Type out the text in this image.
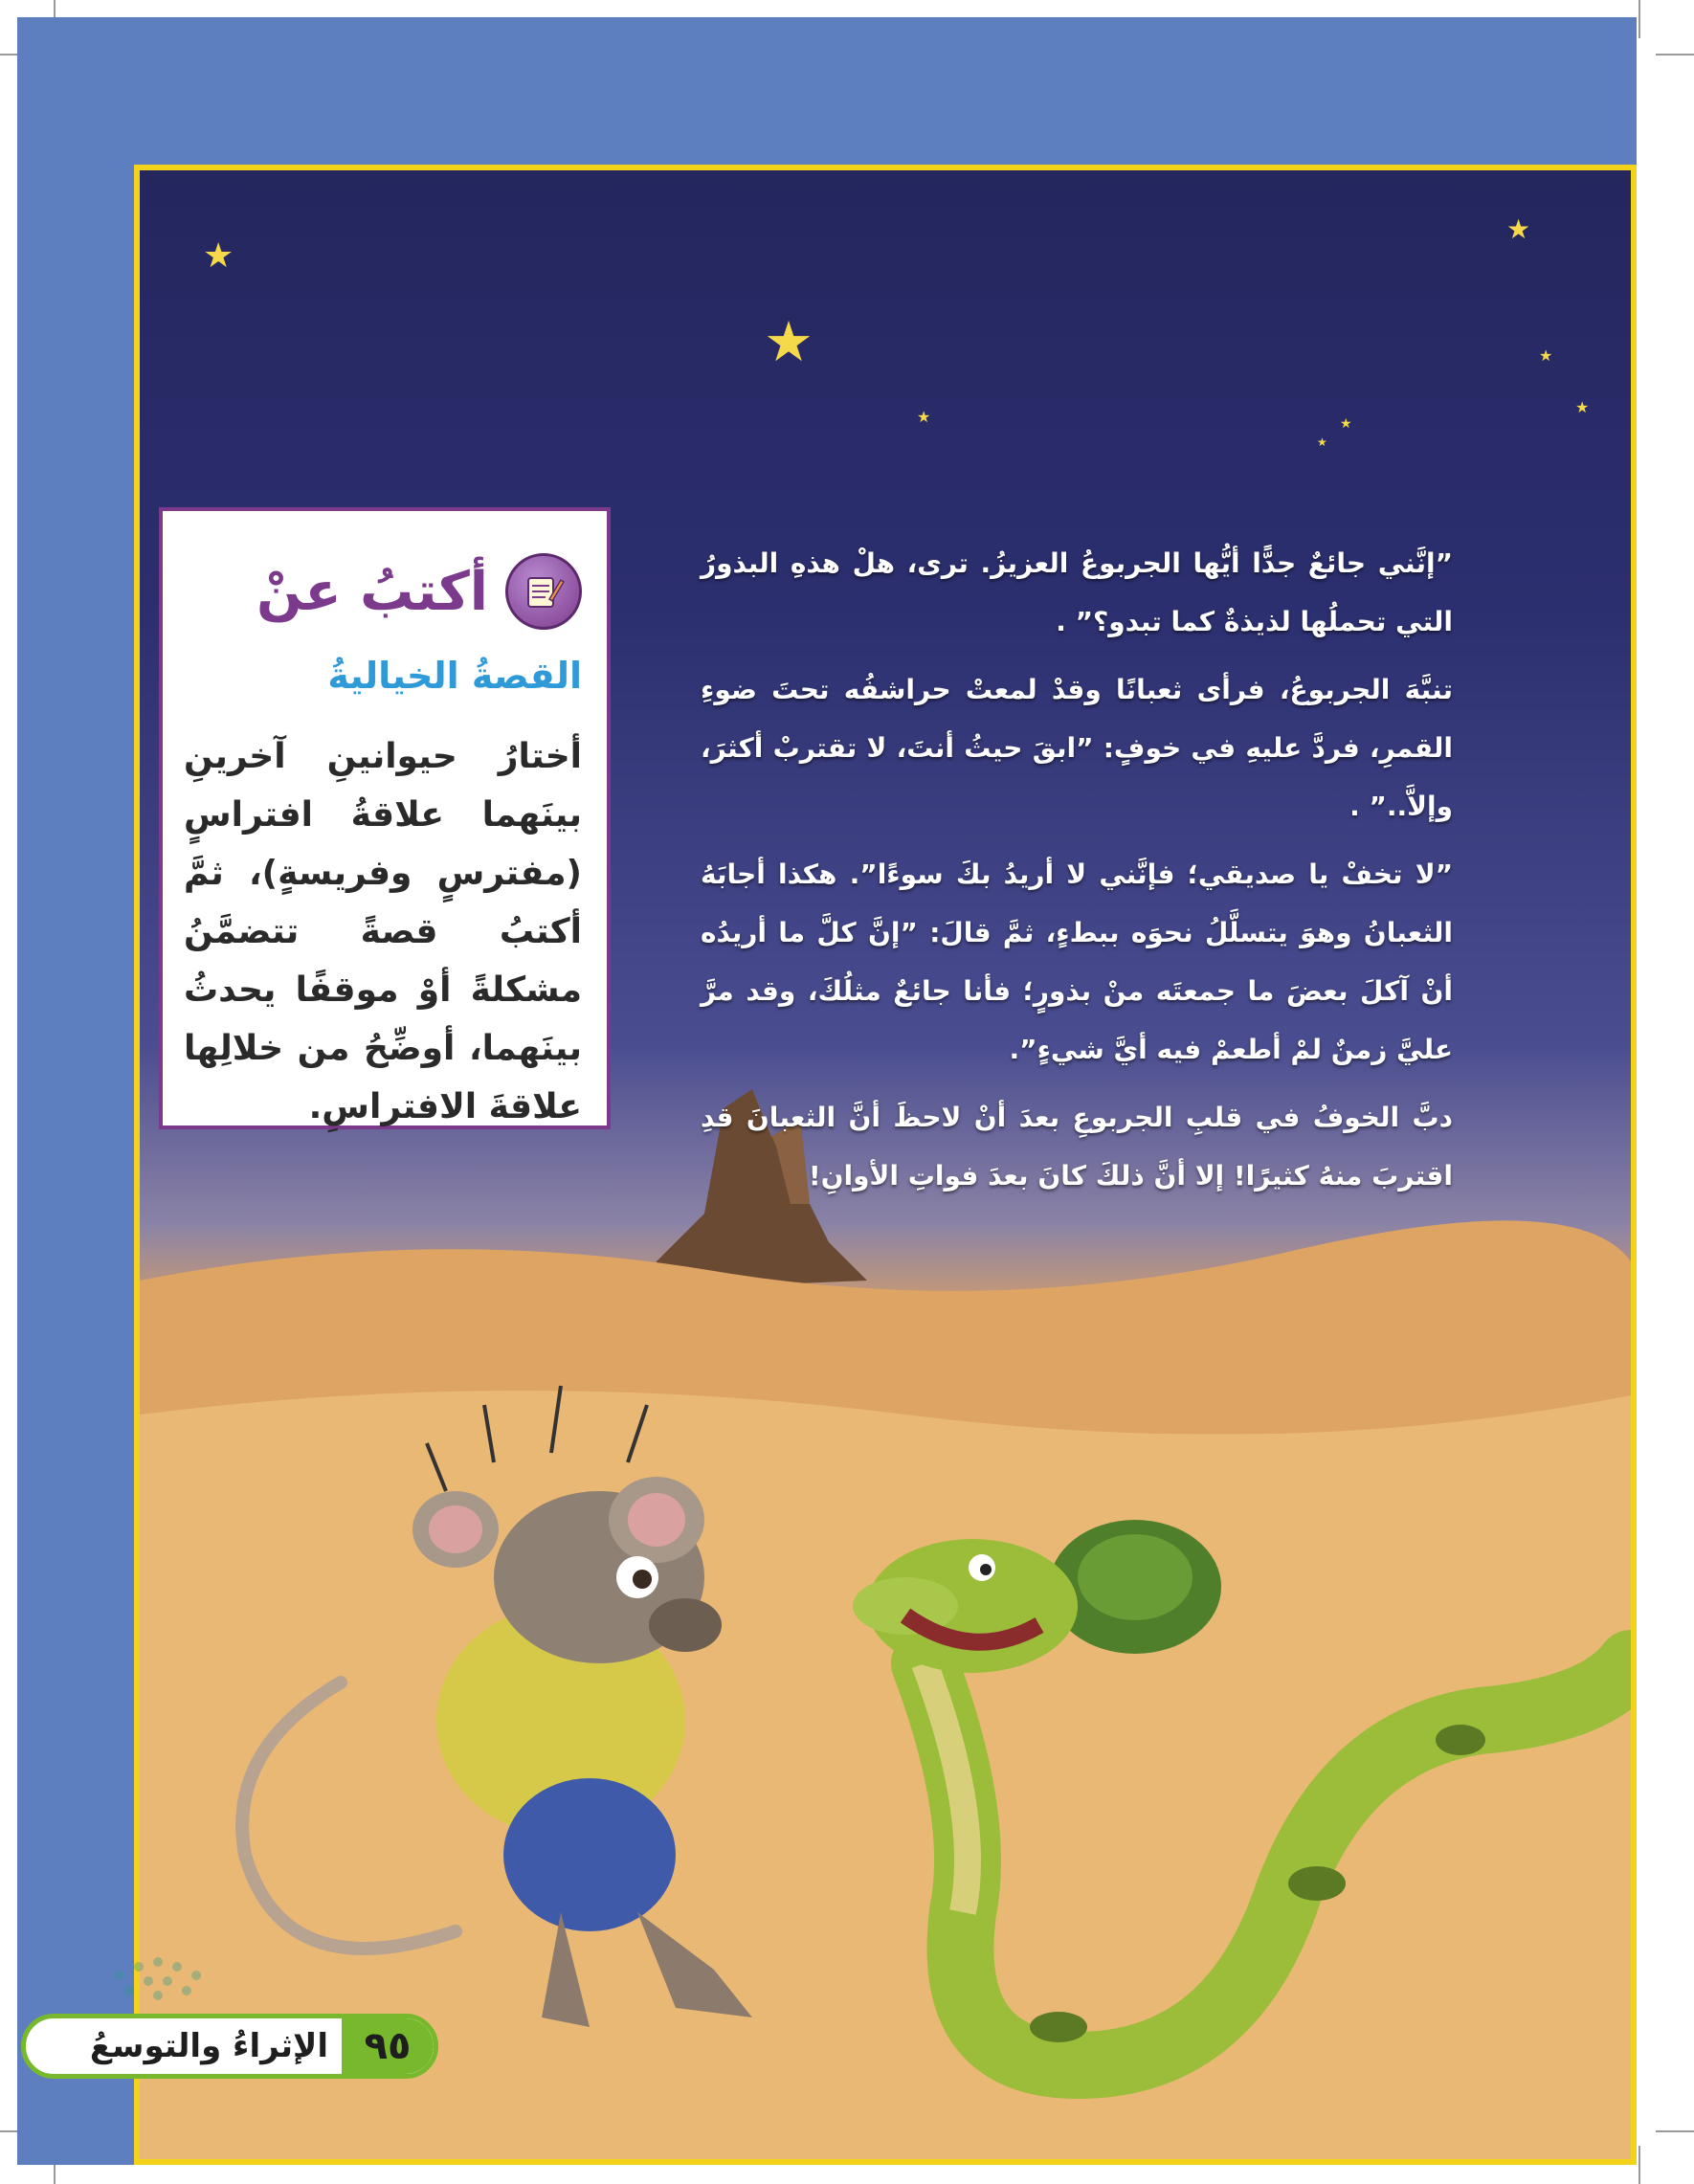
★
★
★
★
★
★	★
★

”إنَّني جائعٌ جدًّا أيُّها الجربوعُ العزيزُ. ترى، هلْ هذهِ البذورُ التي تحملُها لذيذةٌ كما تبدو؟” .

تنبَّهَ الجربوعُ، فرأى ثعبانًا وقدْ لمعتْ حراشفُه تحتَ ضوءِ القمرِ، فردَّ عليهِ في خوفٍ: ”ابقَ حيثُ أنتَ، لا تقتربْ أكثرَ، وإلاَّ..” .

”لا تخفْ يا صديقي؛ فإنَّني لا أريدُ بكَ سوءًا”. هكذا أجابَهُ الثعبانُ وهوَ يتسلَّلُ نحوَه ببطءٍ، ثمَّ قالَ: ”إنَّ كلَّ ما أريدُه أنْ آكلَ بعضَ ما جمعتَه منْ بذورٍ؛ فأنا جائعٌ مثلُكَ، وقد مرَّ عليَّ زمنٌ لمْ أطعمْ فيه أيَّ شيءٍ”.

دبَّ الخوفُ في قلبِ الجربوعِ بعدَ أنْ لاحظَ أنَّ الثعبانَ قدِ اقتربَ منهُ كثيرًا! إلا أنَّ ذلكَ كانَ بعدَ فواتِ الأوانِ!

أكتبُ عنْ
القصةُ الخياليةُ
أختارُ حيوانينِ آخرينِ بينَهما علاقةُ افتراسٍ (مفترسٍ وفريسةٍ)، ثمَّ أكتبُ قصةً تتضمَّنُ مشكلةً أوْ موقفًا يحدثُ بينَهما، أوضِّحُ من خلالِها علاقةَ الافتراسِ.
٩٥
الإثراءُ والتوسعُ
